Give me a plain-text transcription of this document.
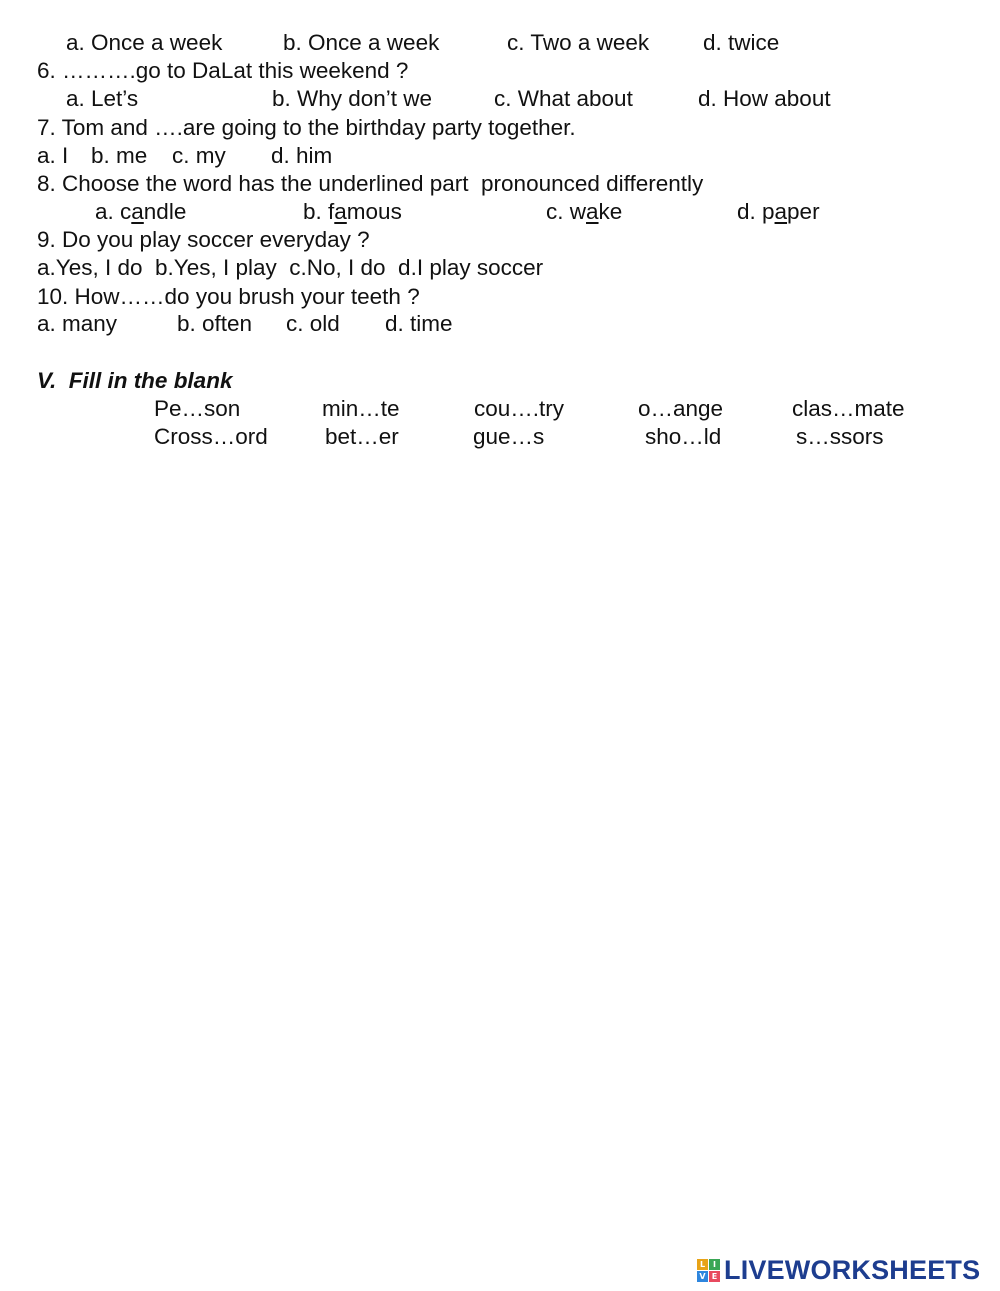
a. Once a week	b. Once a week	c. Two a week d. twice
6. ……….go to DaLat this weekend ?
a. Let’s	b. Why don’t we	c. What about	d. How about
7. Tom and ….are going to the birthday party together.
a. I b. me c. my d. him
8. Choose the word has the underlined part  pronounced differently
a. candle	b. famous	c. wake	d. paper
9. Do you play soccer everyday ?
a.Yes, I do  b.Yes, I play  c.No, I do  d.I play soccer
10. How……do you brush your teeth ?
a. many	b. often c. old d. time
V.  Fill in the blank
Pe…son	min…te	cou….try	o…ange	clas…mate
Cross…ord	bet…er	gue…s	sho…ld	s…ssors
L I
V E LIVEWORKSHEETS
